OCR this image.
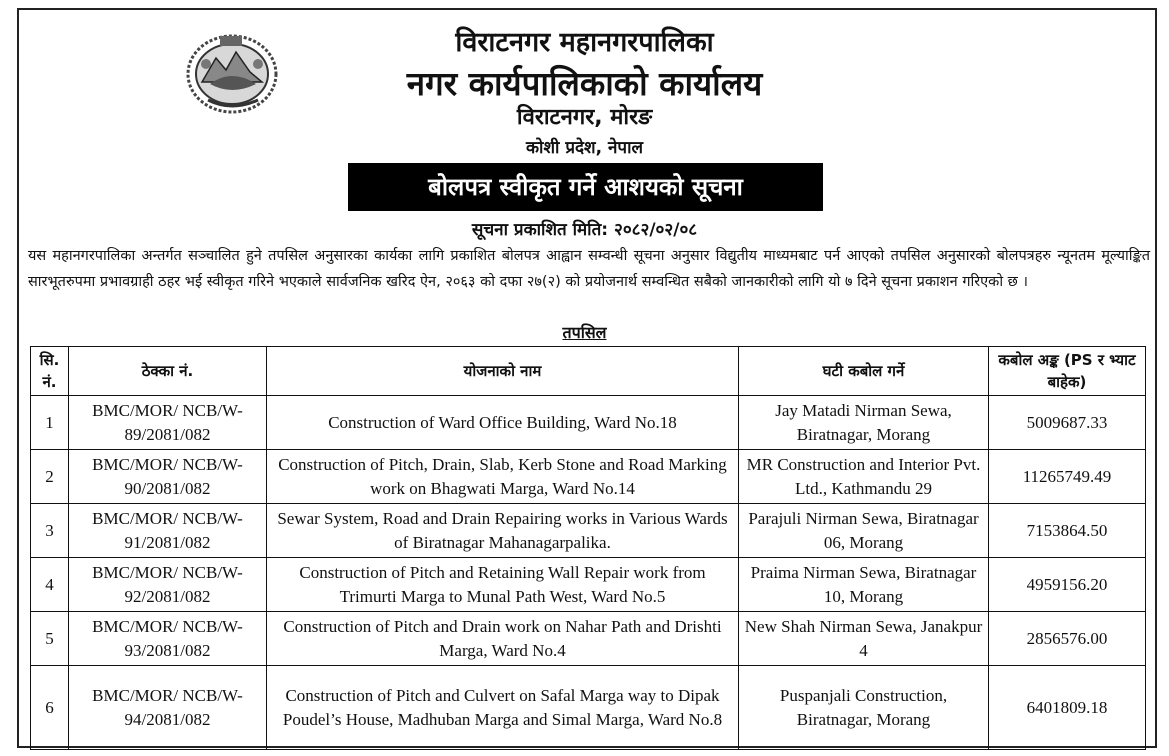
विराटनगर महानगरपालिका
नगर कार्यपालिकाको कार्यालय
विराटनगर, मोरङ
कोशी प्रदेश, नेपाल
बोलपत्र स्वीकृत गर्ने आशयको सूचना
सूचना प्रकाशित मिति: २०८२/०२/०८
यस महानगरपालिका अन्तर्गत सञ्चालित हुने तपसिल अनुसारका कार्यका लागि प्रकाशित बोलपत्र आह्वान सम्वन्धी सूचना अनुसार विद्युतीय माध्यमबाट पर्न आएको तपसिल अनुसारको बोलपत्रहरु न्यूनतम मूल्याङ्कित सारभूतरुपमा प्रभावग्राही ठहर भई स्वीकृत गरिने भएकाले सार्वजनिक खरिद ऐन, २०६३ को दफा २७(२) को प्रयोजनार्थ सम्वन्धित सबैको जानकारीको लागि यो ७ दिने सूचना प्रकाशन गरिएको छ ।
तपसिल
सि. नं.	ठेक्का नं.	योजनाको नाम	घटी कबोल गर्ने	कबोल अङ्क (PS र भ्याट बाहेक)
1	BMC/MOR/ NCB/W-89/2081/082	Construction of Ward Office Building, Ward No.18	Jay Matadi Nirman Sewa, Biratnagar, Morang	5009687.33
2	BMC/MOR/ NCB/W-90/2081/082	Construction of Pitch, Drain, Slab, Kerb Stone and Road Marking work on Bhagwati Marga, Ward No.14	MR Construction and Interior Pvt. Ltd., Kathmandu 29	11265749.49
3	BMC/MOR/ NCB/W-91/2081/082	Sewar System, Road and Drain Repairing works in Various Wards of Biratnagar Mahanagarpalika.	Parajuli Nirman Sewa, Biratnagar 06, Morang	7153864.50
4	BMC/MOR/ NCB/W-92/2081/082	Construction of Pitch and Retaining Wall Repair work from Trimurti Marga to Munal Path West, Ward No.5	Praima Nirman Sewa, Biratnagar 10, Morang	4959156.20
5	BMC/MOR/ NCB/W-93/2081/082	Construction of Pitch and Drain work on Nahar Path and Drishti Marga, Ward No.4	New Shah Nirman Sewa, Janakpur 4	2856576.00
6	BMC/MOR/ NCB/W-94/2081/082	Construction of Pitch and Culvert on Safal Marga way to Dipak Poudel’s House, Madhuban Marga and Simal Marga, Ward No.8	Puspanjali Construction, Biratnagar, Morang	6401809.18
